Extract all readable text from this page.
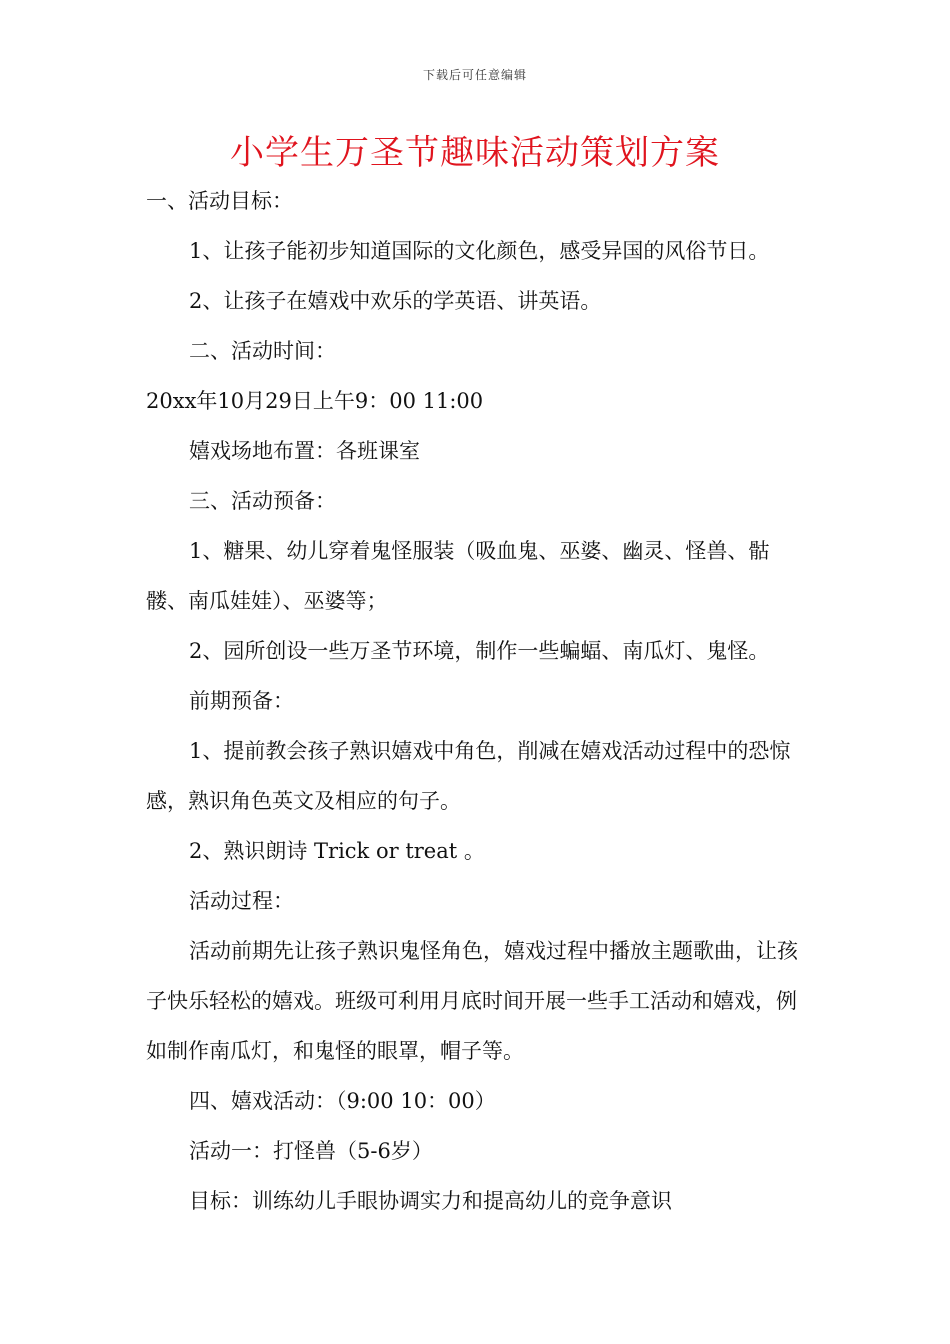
下载后可任意编辑
小学生万圣节趣味活动策划方案

一、活动目标：

1、让孩子能初步知道国际的文化颜色，感受异国的风俗节日。

2、让孩子在嬉戏中欢乐的学英语、讲英语。

二、活动时间：

20xx年10月29日上午9：00 11:00

嬉戏场地布置：各班课室

三、活动预备：

1、糖果、幼儿穿着鬼怪服装（吸血鬼、巫婆、幽灵、怪兽、骷髅、南瓜娃娃）、巫婆等；

2、园所创设一些万圣节环境，制作一些蝙蝠、南瓜灯、鬼怪。

前期预备：

1、提前教会孩子熟识嬉戏中角色，削减在嬉戏活动过程中的恐惊感，熟识角色英文及相应的句子。

2、熟识朗诗 Trick or treat 。

活动过程：

活动前期先让孩子熟识鬼怪角色，嬉戏过程中播放主题歌曲，让孩子快乐轻松的嬉戏。班级可利用月底时间开展一些手工活动和嬉戏，例如制作南瓜灯，和鬼怪的眼罩，帽子等。

四、嬉戏活动：（9:00 10：00）

活动一：打怪兽（5-6岁）

目标：训练幼儿手眼协调实力和提高幼儿的竞争意识
